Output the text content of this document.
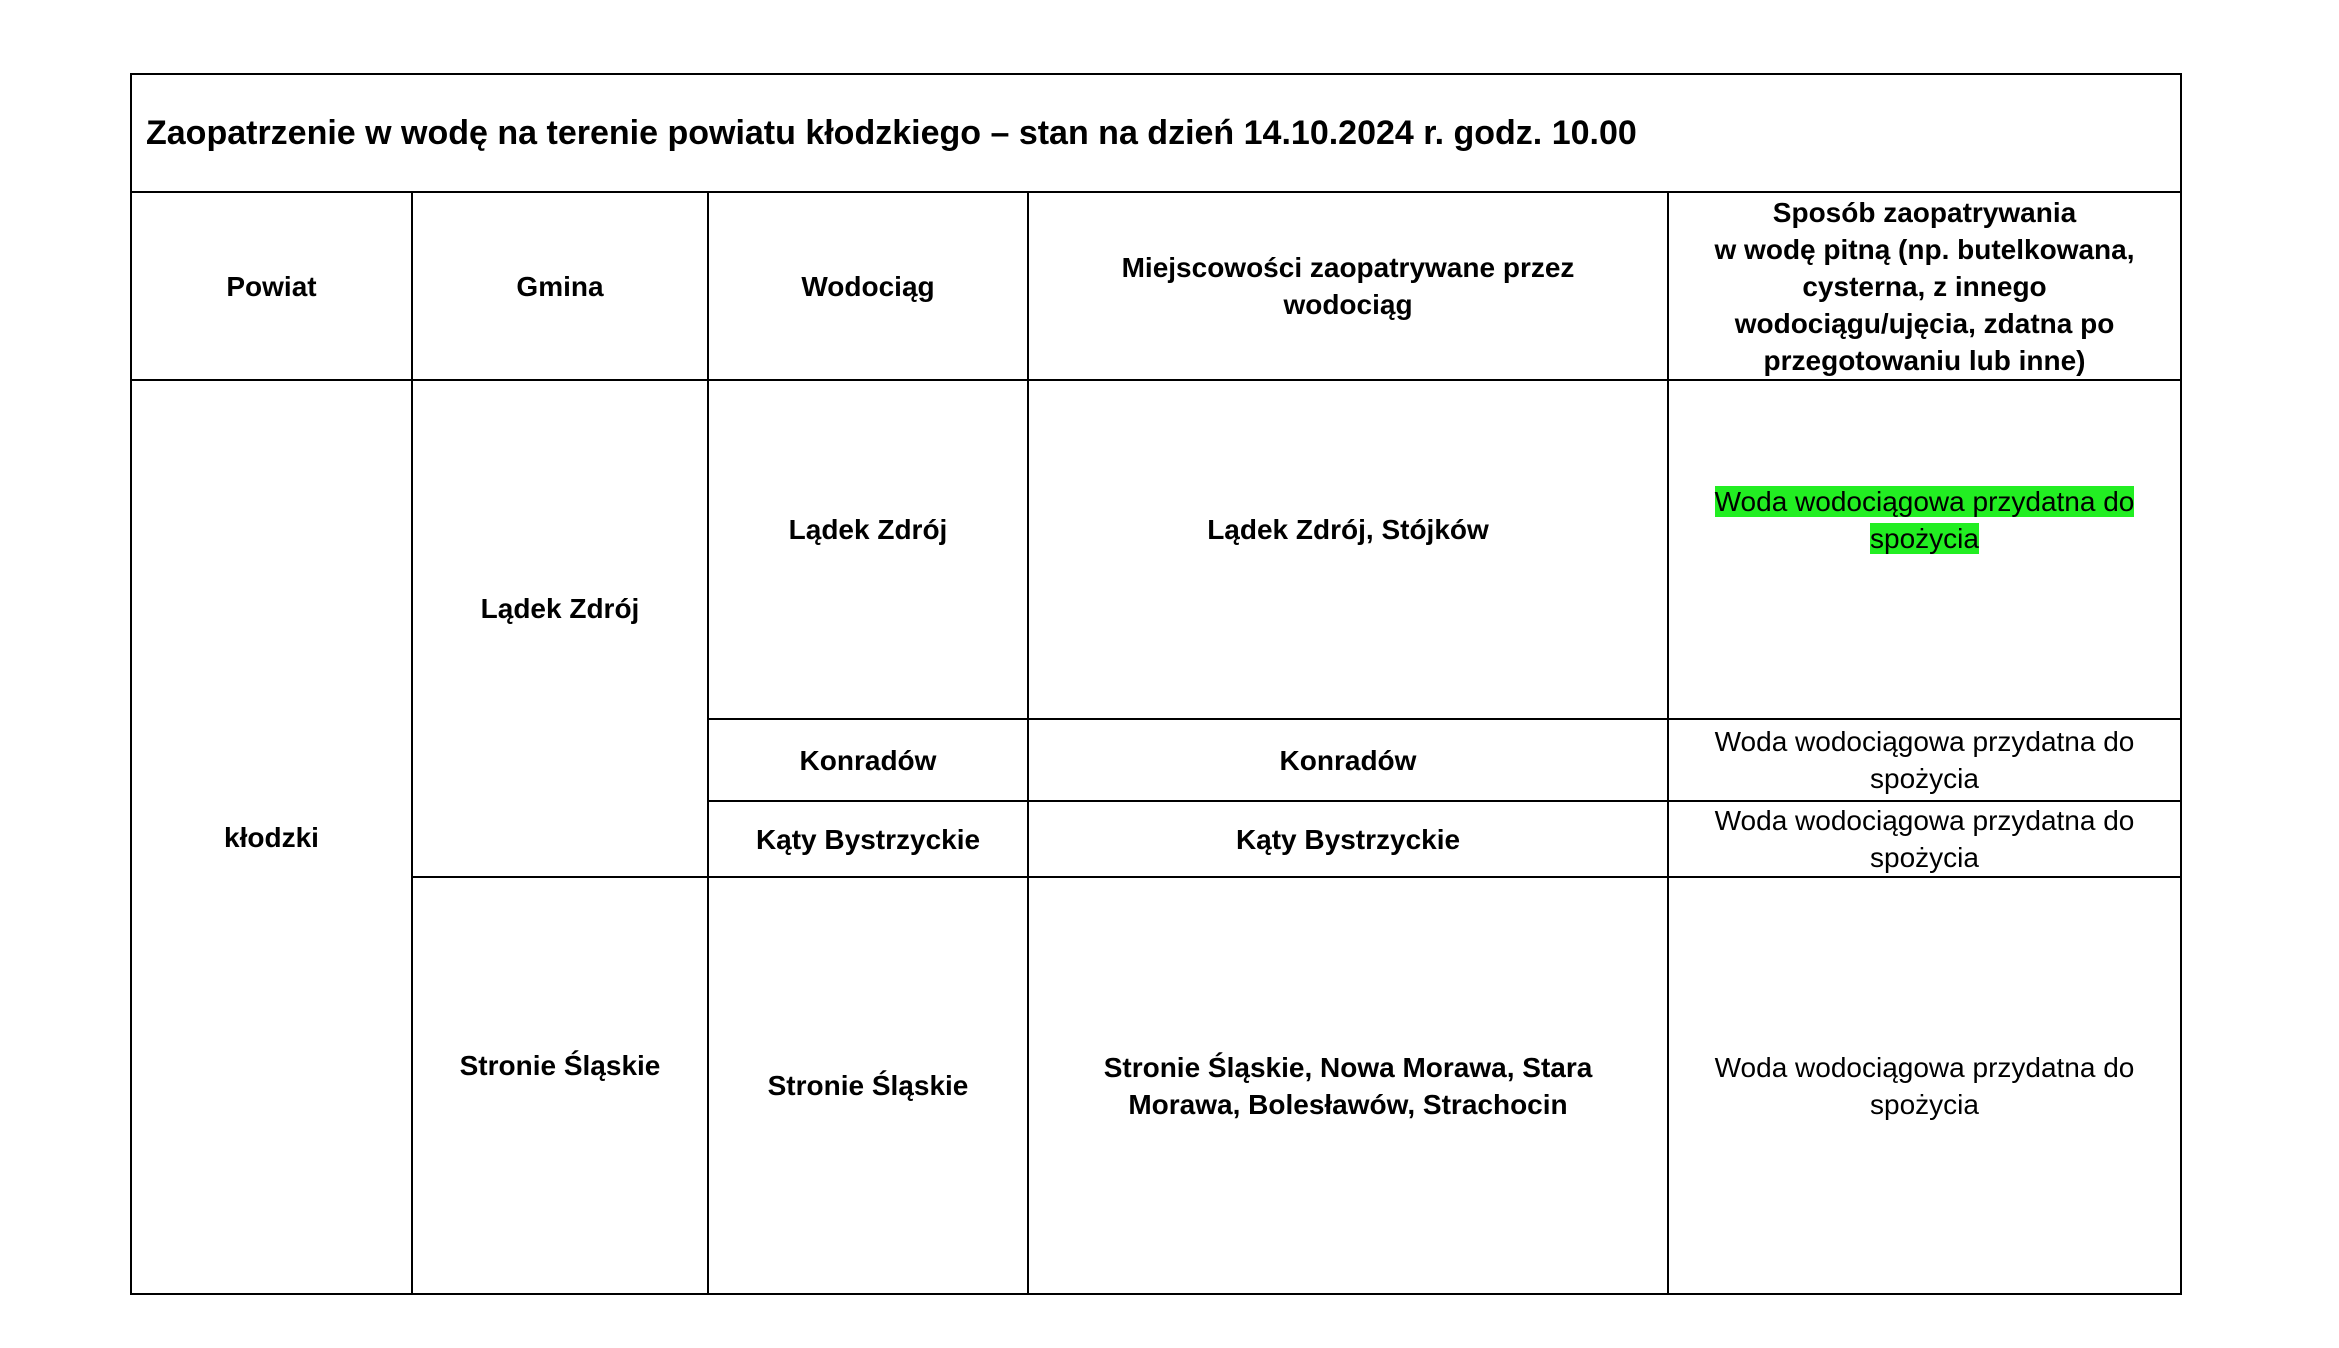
Zaopatrzenie w wodę na terenie powiatu kłodzkiego – stan na dzień 14.10.2024 r. godz. 10.00				
Powiat	Gmina	Wodociąg	Miejscowości zaopatrywane przez wodociąg	Sposób zaopatrywania
w wodę pitną (np. butelkowana, cysterna, z innego wodociągu/ujęcia, zdatna po przegotowaniu lub inne)
kłodzki	Lądek Zdrój	Lądek Zdrój	Lądek Zdrój, Stójków	Woda wodociągowa przydatna do spożycia
		Konradów	Konradów	Woda wodociągowa przydatna do spożycia
		Kąty Bystrzyckie	Kąty Bystrzyckie	Woda wodociągowa przydatna do spożycia
	Stronie Śląskie	Stronie Śląskie	Stronie Śląskie, Nowa Morawa, Stara Morawa, Bolesławów, Strachocin	Woda wodociągowa przydatna do spożycia
